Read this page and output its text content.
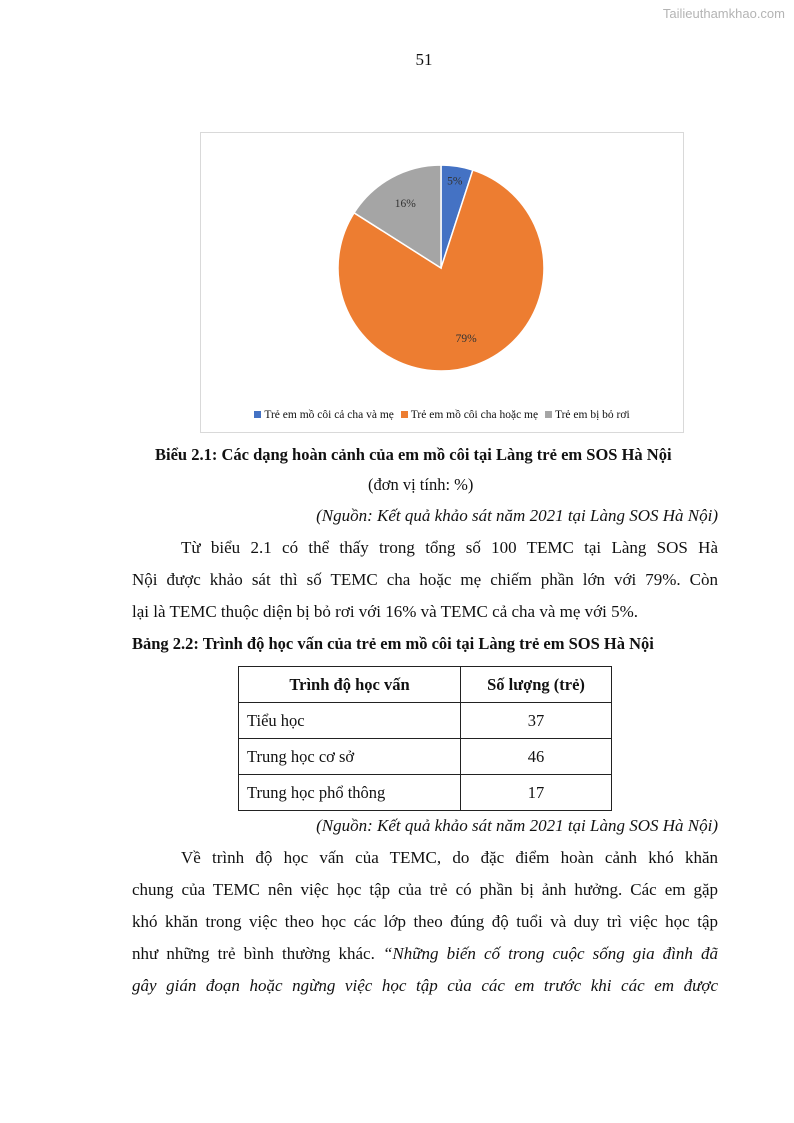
Tailieuthamkhao.com
51
5%
79%
16%
Trẻ em mồ côi cả cha và mẹ Trẻ em mồ côi cha hoặc mẹ Trẻ em bị bỏ rơi
Biểu 2.1: Các dạng hoàn cảnh của em mồ côi tại Làng trẻ em SOS Hà Nội
(đơn vị tính: %)
(Nguồn: Kết quả khảo sát năm 2021 tại Làng SOS Hà Nội)
Từ biểu 2.1 có thể thấy trong tổng số 100 TEMC tại Làng SOS Hà
Nội được khảo sát thì số TEMC cha hoặc mẹ chiếm phần lớn với 79%. Còn
lại là TEMC thuộc diện bị bỏ rơi với 16% và TEMC cả cha và mẹ với 5%.
Bảng 2.2: Trình độ học vấn của trẻ em mồ côi tại Làng trẻ em SOS Hà Nội
Trình độ học vấn	Số lượng (trẻ)
Tiểu học	37
Trung học cơ sở	46
Trung học phổ thông	17
(Nguồn: Kết quả khảo sát năm 2021 tại Làng SOS Hà Nội)
Về trình độ học vấn của TEMC, do đặc điểm hoàn cảnh khó khăn
chung của TEMC nên việc học tập của trẻ có phần bị ảnh hưởng. Các em gặp
khó khăn trong việc theo học các lớp theo đúng độ tuổi và duy trì việc học tập
như những trẻ bình thường khác. “Những biến cố trong cuộc sống gia đình đã
gây gián đoạn hoặc ngừng việc học tập của các em trước khi các em được
